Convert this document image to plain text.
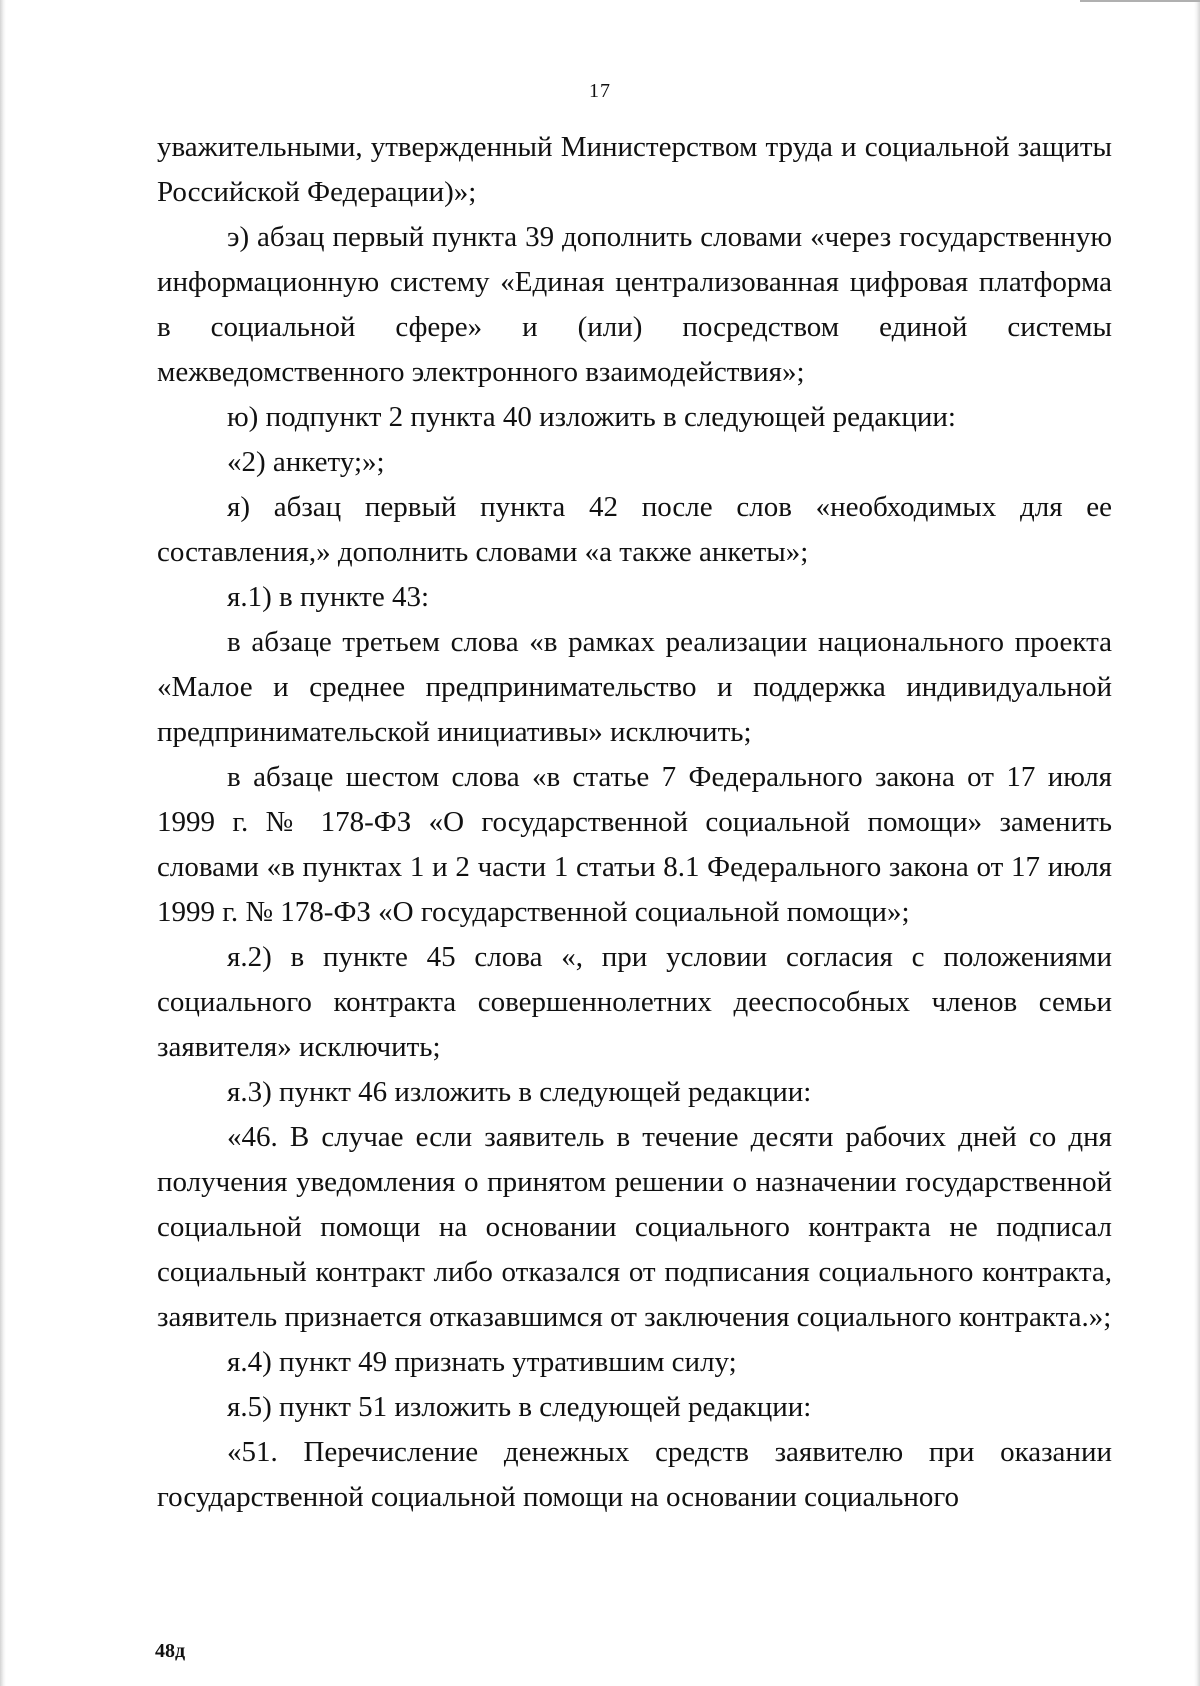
17

уважительными, утвержденный Министерством труда и социальной защиты Российской Федерации)»;

э) абзац первый пункта 39 дополнить словами «через государственную информационную систему «Единая централизованная цифровая платформа в социальной сфере» и (или) посредством единой системы межведомственного электронного взаимодействия»;

ю) подпункт 2 пункта 40 изложить в следующей редакции:

«2) анкету;»;

я) абзац первый пункта 42 после слов «необходимых для ее составления,» дополнить словами «а также анкеты»;

я.1) в пункте 43:

в абзаце третьем слова «в рамках реализации национального проекта «Малое и среднее предпринимательство и поддержка индивидуальной предпринимательской инициативы» исключить;

в абзаце шестом слова «в статье 7 Федерального закона от 17 июля 1999 г. № 178-ФЗ «О государственной социальной помощи» заменить словами «в пунктах 1 и 2 части 1 статьи 8.1 Федерального закона от 17 июля 1999 г. № 178-ФЗ «О государственной социальной помощи»;

я.2) в пункте 45 слова «, при условии согласия с положениями социального контракта совершеннолетних дееспособных членов семьи заявителя» исключить;

я.3) пункт 46 изложить в следующей редакции:

«46. В случае если заявитель в течение десяти рабочих дней со дня получения уведомления о принятом решении о назначении государственной социальной помощи на основании социального контракта не подписал социальный контракт либо отказался от подписания социального контракта, заявитель признается отказавшимся от заключения социального контракта.»;

я.4) пункт 49 признать утратившим силу;

я.5) пункт 51 изложить в следующей редакции:

«51. Перечисление денежных средств заявителю при оказании государственной социальной помощи на основании социального

48д
